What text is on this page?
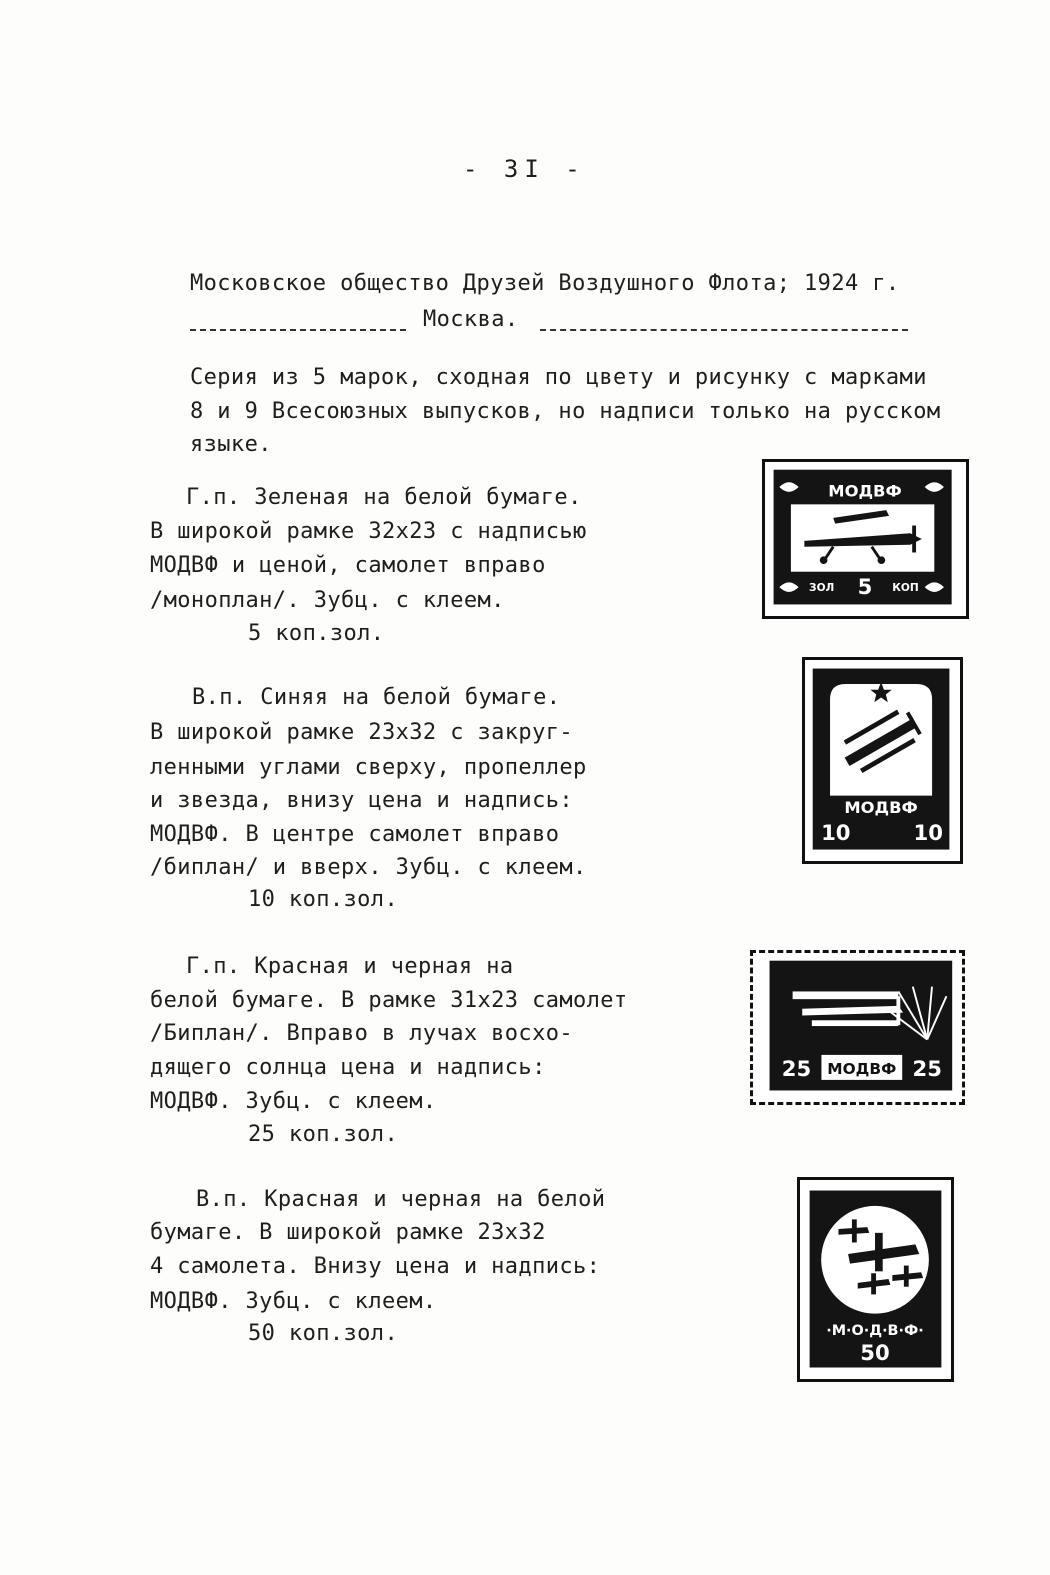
- 3I -
Московское общество Друзей Воздушного Флота; 1924 г.
Москва.
Серия из 5 марок, сходная по цвету и рисунку с марками
8 и 9 Всесоюзных выпусков, но надписи только на русском
языке.
Г.п. Зеленая на белой бумаге.
В широкой рамке 32х23 с надписью
МОДВФ и ценой, самолет вправо
/моноплан/. Зубц. с клеем.
5 коп.зол.
В.п. Синяя на белой бумаге.
В широкой рамке 23х32 с закруг-
ленными углами сверху, пропеллер
и звезда, внизу цена и надпись:
МОДВФ. В центре самолет вправо
/биплан/ и вверх. Зубц. с клеем.
10 коп.зол.
Г.п. Красная и черная на
белой бумаге. В рамке 31х23 самолет
/Биплан/. Вправо в лучах восхо-
дящего солнца цена и надпись:
МОДВФ. Зубц. с клеем.
25 коп.зол.
В.п. Красная и черная на белой
бумаге. В широкой рамке 23х32
4 самолета. Внизу цена и надпись:
МОДВФ. Зубц. с клеем.
50 коп.зол.
МОДВФ
ЗОЛ 5 КОП
МОДВФ
10	10
25 МОДВФ 25
·М·О·Д·В·Ф·
50
